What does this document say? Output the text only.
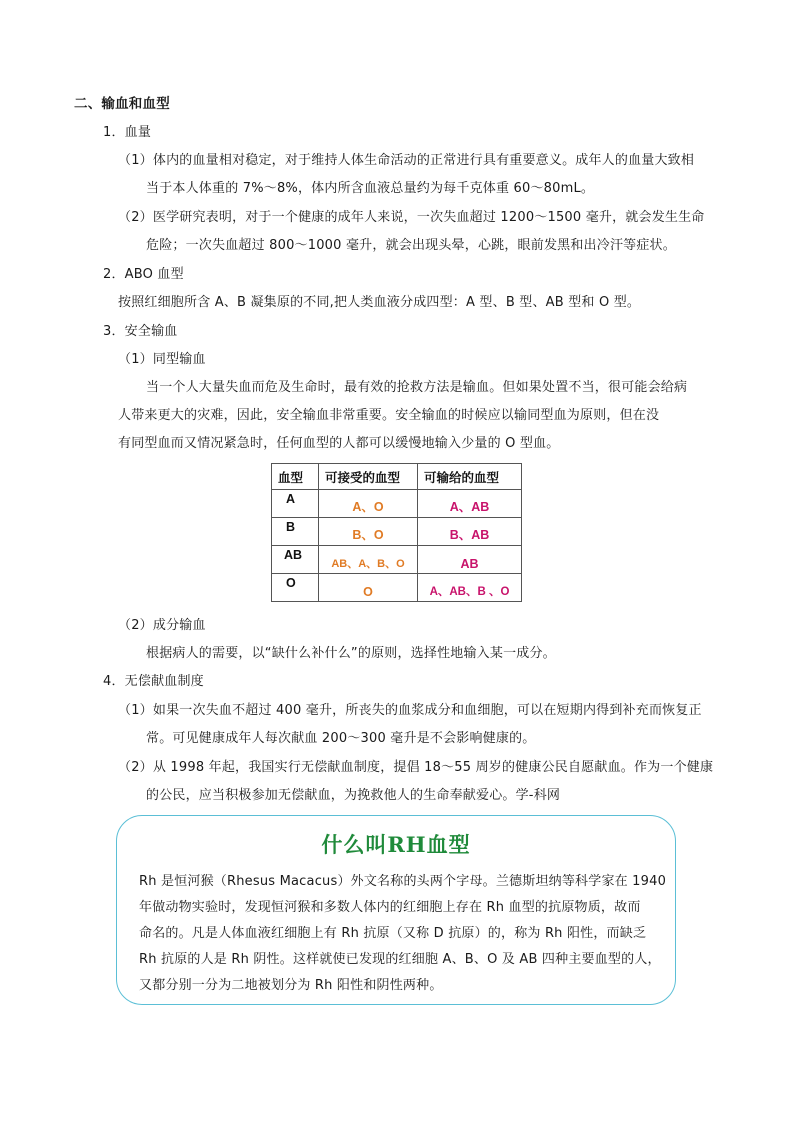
二、输血和血型
1．血量
（1）体内的血量相对稳定，对于维持人体生命活动的正常进行具有重要意义。成年人的血量大致相
当于本人体重的 7%～8%，体内所含血液总量约为每千克体重 60～80mL。
（2）医学研究表明，对于一个健康的成年人来说，一次失血超过 1200～1500 毫升，就会发生生命
危险；一次失血超过 800～1000 毫升，就会出现头晕，心跳，眼前发黑和出冷汗等症状。
2．ABO 血型
按照红细胞所含 A、B 凝集原的不同,把人类血液分成四型：A 型、B 型、AB 型和 O 型。
3．安全输血
（1）同型输血
当一个人大量失血而危及生命时，最有效的抢救方法是输血。但如果处置不当，很可能会给病
人带来更大的灾难，因此，安全输血非常重要。安全输血的时候应以输同型血为原则，但在没
有同型血而又情况紧急时，任何血型的人都可以缓慢地输入少量的 O 型血。
血型	可接受的血型	可输给的血型
A	A、O	A、AB
B	B、O	B、AB
AB	AB、A、B、O	AB
O	O	A、AB、B 、O
（2）成分输血
根据病人的需要，以“缺什么补什么”的原则，选择性地输入某一成分。
4．无偿献血制度
（1）如果一次失血不超过 400 毫升，所丧失的血浆成分和血细胞，可以在短期内得到补充而恢复正
常。可见健康成年人每次献血 200～300 毫升是不会影响健康的。
（2）从 1998 年起，我国实行无偿献血制度，提倡 18～55 周岁的健康公民自愿献血。作为一个健康
的公民，应当积极参加无偿献血，为挽救他人的生命奉献爱心。学-科网
什么叫RH血型
Rh 是恒河猴（Rhesus Macacus）外文名称的头两个字母。兰德斯坦纳等科学家在 1940
年做动物实验时，发现恒河猴和多数人体内的红细胞上存在 Rh 血型的抗原物质，故而
命名的。凡是人体血液红细胞上有 Rh 抗原（又称 D 抗原）的，称为 Rh 阳性，而缺乏
Rh 抗原的人是 Rh 阴性。这样就使已发现的红细胞 A、B、O 及 AB 四种主要血型的人，
又都分别一分为二地被划分为 Rh 阳性和阴性两种。
